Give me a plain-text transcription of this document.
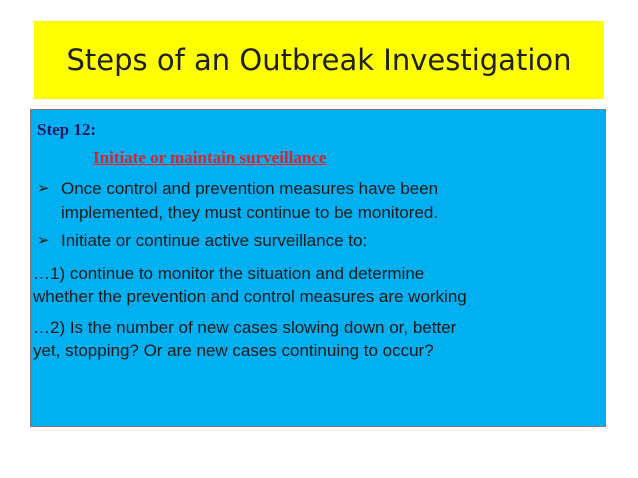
Steps of an Outbreak Investigation
Step 12:
Initiate or maintain surveillance
➢ Once control and prevention measures have been
implemented, they must continue to be monitored.
➢ Initiate or continue active surveillance to:
…1) continue to monitor the situation and determine
whether the prevention and control measures are working
…2) Is the number of new cases slowing down or, better
yet, stopping? Or are new cases continuing to occur?
